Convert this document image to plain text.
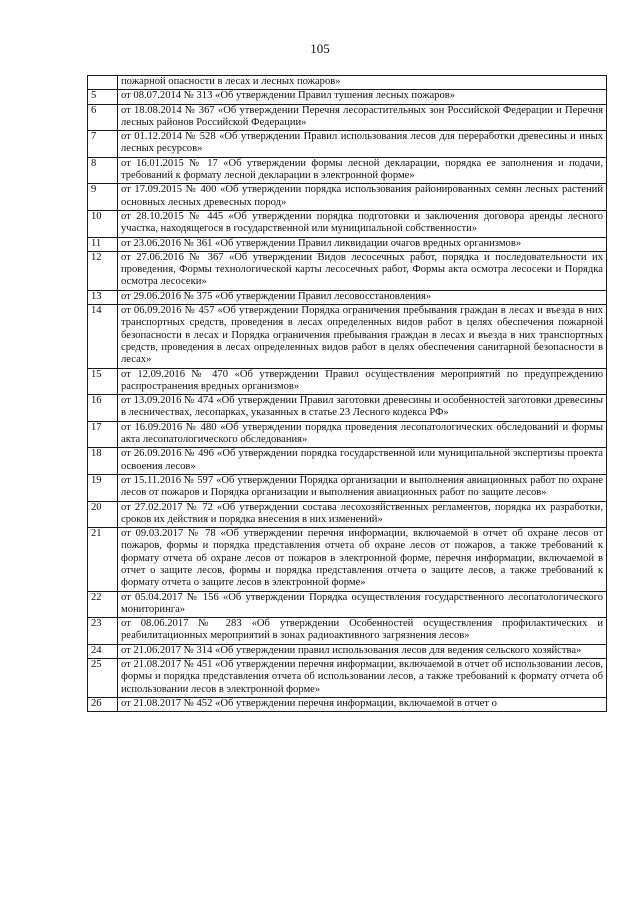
105
	пожарной опасности в лесах и лесных пожаров»
5	от 08.07.2014 № 313 «Об утверждении Правил тушения лесных пожаров»
6	от 18.08.2014 № 367 «Об утверждении Перечня лесорастительных зон Российской Федерации и Перечня лесных районов Российской Федерации»
7	от 01.12.2014 № 528 «Об утверждении Правил использования лесов для переработки древесины и иных лесных ресурсов»
8	от 16.01.2015 № 17 «Об утверждении формы лесной декларации, порядка ее заполнения и подачи, требований к формату лесной декларации в электронной форме»
9	от 17.09.2015 № 400 «Об утверждении порядка использования районированных семян лесных растений основных лесных древесных пород»
10	от 28.10.2015 № 445 «Об утверждении порядка подготовки и заключения договора аренды лесного участка, находящегося в государственной или муниципальной собственности»
11	от 23.06.2016 № 361 «Об утверждении Правил ликвидации очагов вредных организмов»
12	от 27.06.2016 № 367 «Об утверждении Видов лесосечных работ, порядка и последовательности их проведения, Формы технологической карты лесосечных работ, Формы акта осмотра лесосеки и Порядка осмотра лесосеки»
13	от 29.06.2016 № 375 «Об утверждении Правил лесовосстановления»
14	от 06.09.2016 № 457 «Об утверждении Порядка ограничения пребывания граждан в лесах и въезда в них транспортных средств, проведения в лесах определенных видов работ в целях обеспечения пожарной безопасности в лесах и Порядка ограничения пребывания граждан в лесах и въезда в них транспортных средств, проведения в лесах определенных видов работ в целях обеспечения санитарной безопасности в лесах»
15	от 12.09.2016 № 470 «Об утверждении Правил осуществления мероприятий по предупреждению распространения вредных организмов»
16	от 13.09.2016 № 474 «Об утверждении Правил заготовки древесины и особенностей заготовки древесины в лесничествах, лесопарках, указанных в статье 23 Лесного кодекса РФ»
17	от 16.09.2016 № 480 «Об утверждении порядка проведения лесопатологических обследований и формы акта лесопатологического обследования»
18	от 26.09.2016 № 496 «Об утверждении порядка государственной или муниципальной экспертизы проекта освоения лесов»
19	от 15.11.2016 № 597 «Об утверждении Порядка организации и выполнения авиационных работ по охране лесов от пожаров и Порядка организации и выполнения авиационных работ по защите лесов»
20	от 27.02.2017 № 72 «Об утверждении состава лесохозяйственных регламентов, порядка их разработки, сроков их действия и порядка внесения в них изменений»
21	от 09.03.2017 № 78 «Об утверждении перечня информации, включаемой в отчет об охране лесов от пожаров, формы и порядка представления отчета об охране лесов от пожаров, а также требований к формату отчета об охране лесов от пожаров в электронной форме, перечня информации, включаемой в отчет о защите лесов, формы и порядка представления отчета о защите лесов, а также требований к формату отчета о защите лесов в электронной форме»
22	от 05.04.2017 № 156 «Об утверждении Порядка осуществления государственного лесопатологического мониторинга»
23	от 08.06.2017 № 283 «Об утверждении Особенностей осуществления профилактических и реабилитационных мероприятий в зонах радиоактивного загрязнения лесов»
24	от 21.06.2017 № 314 «Об утверждении правил использования лесов для ведения сельского хозяйства»
25	от 21.08.2017 № 451 «Об утверждении перечня информации, включаемой в отчет об использовании лесов, формы и порядка представления отчета об использовании лесов, а также требований к формату отчета об использовании лесов в электронной форме»
26	от 21.08.2017 № 452 «Об утверждении перечня информации, включаемой в отчет о
